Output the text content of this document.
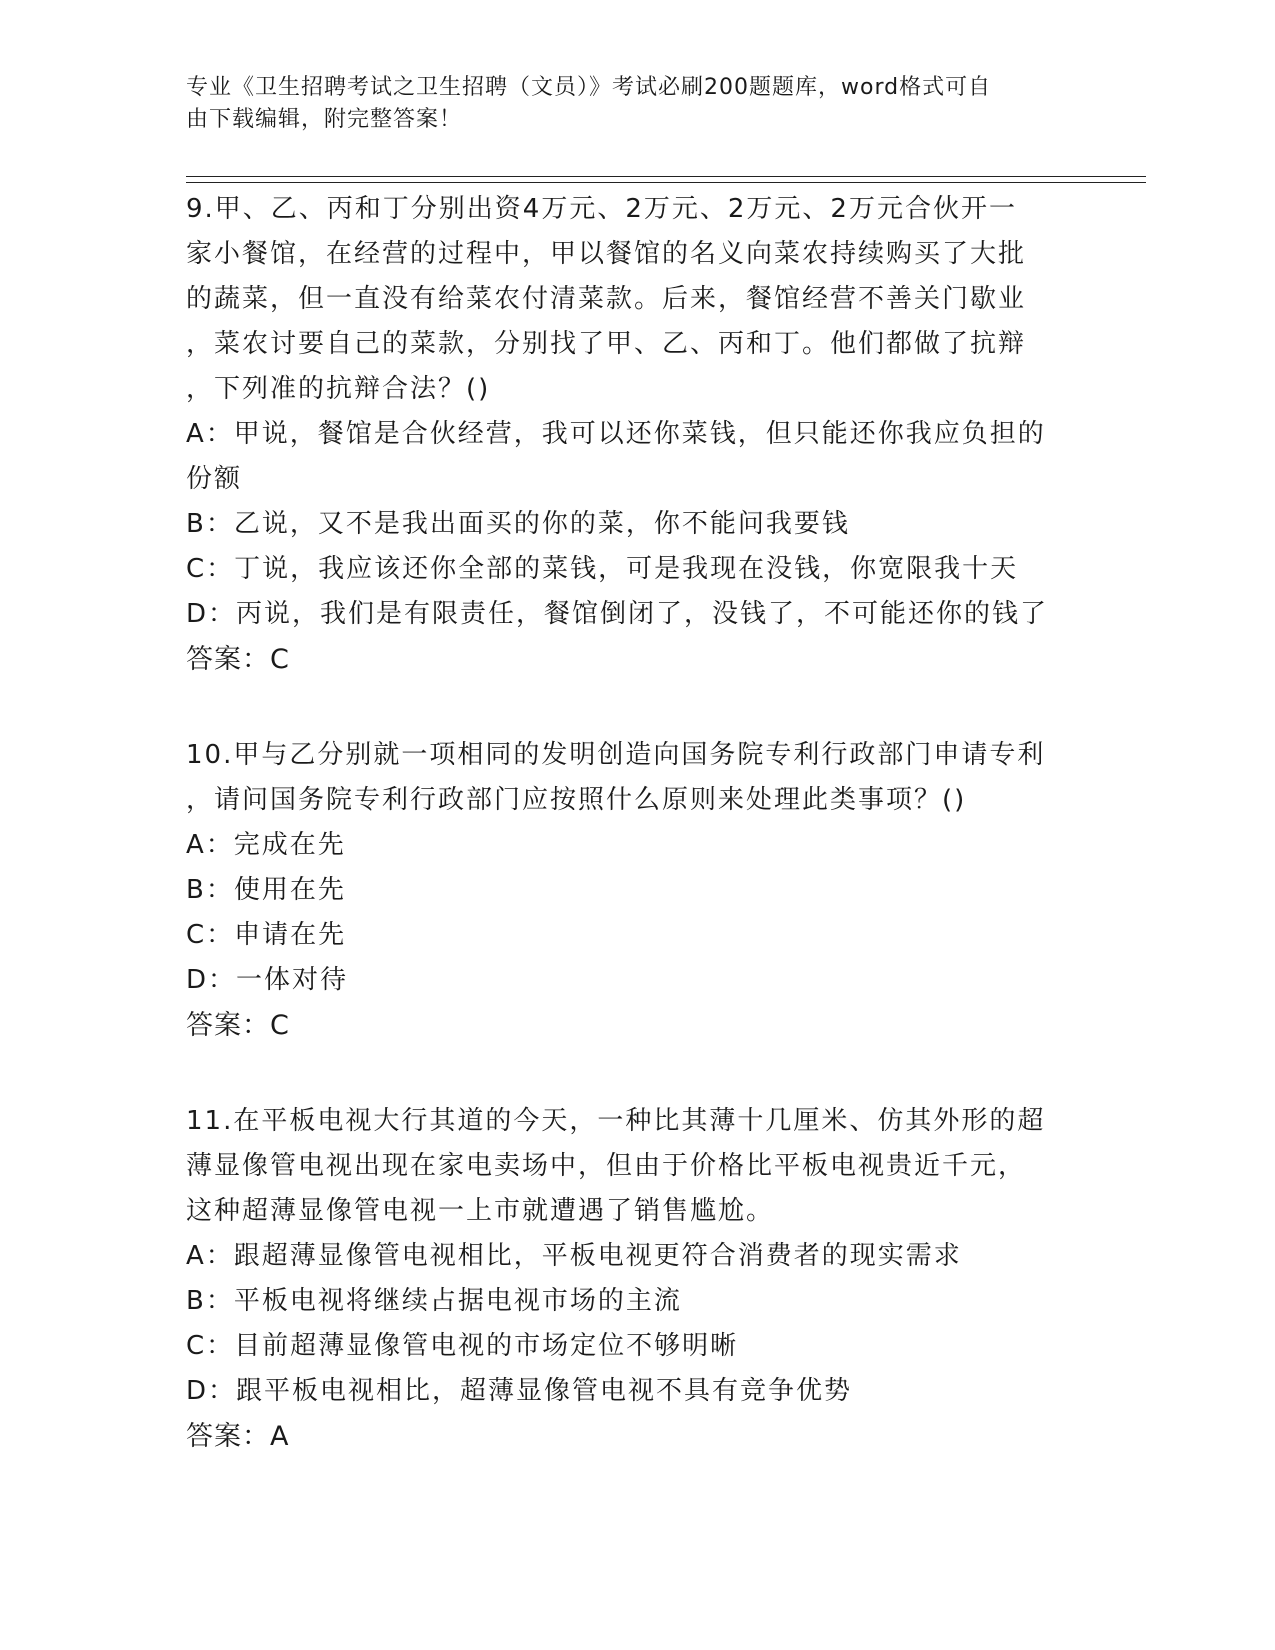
专业《卫生招聘考试之卫生招聘（文员）》考试必刷200题题库，word格式可自
由下载编辑，附完整答案！
9.甲、乙、丙和丁分别出资4万元、2万元、2万元、2万元合伙开一
家小餐馆，在经营的过程中，甲以餐馆的名义向菜农持续购买了大批
的蔬菜，但一直没有给菜农付清菜款。后来，餐馆经营不善关门歇业
，菜农讨要自己的菜款，分别找了甲、乙、丙和丁。他们都做了抗辩
，下列准的抗辩合法？()
A：甲说，餐馆是合伙经营，我可以还你菜钱，但只能还你我应负担的
份额
B：乙说，又不是我出面买的你的菜，你不能问我要钱
C：丁说，我应该还你全部的菜钱，可是我现在没钱，你宽限我十天
D：丙说，我们是有限责任，餐馆倒闭了，没钱了，不可能还你的钱了
答案：C
10.甲与乙分别就一项相同的发明创造向国务院专利行政部门申请专利
，请问国务院专利行政部门应按照什么原则来处理此类事项？()
A：完成在先
B：使用在先
C：申请在先
D：一体对待
答案：C
11.在平板电视大行其道的今天，一种比其薄十几厘米、仿其外形的超
薄显像管电视出现在家电卖场中，但由于价格比平板电视贵近千元，
这种超薄显像管电视一上市就遭遇了销售尴尬。
A：跟超薄显像管电视相比，平板电视更符合消费者的现实需求
B：平板电视将继续占据电视市场的主流
C：目前超薄显像管电视的市场定位不够明晰
D：跟平板电视相比，超薄显像管电视不具有竞争优势
答案：A
